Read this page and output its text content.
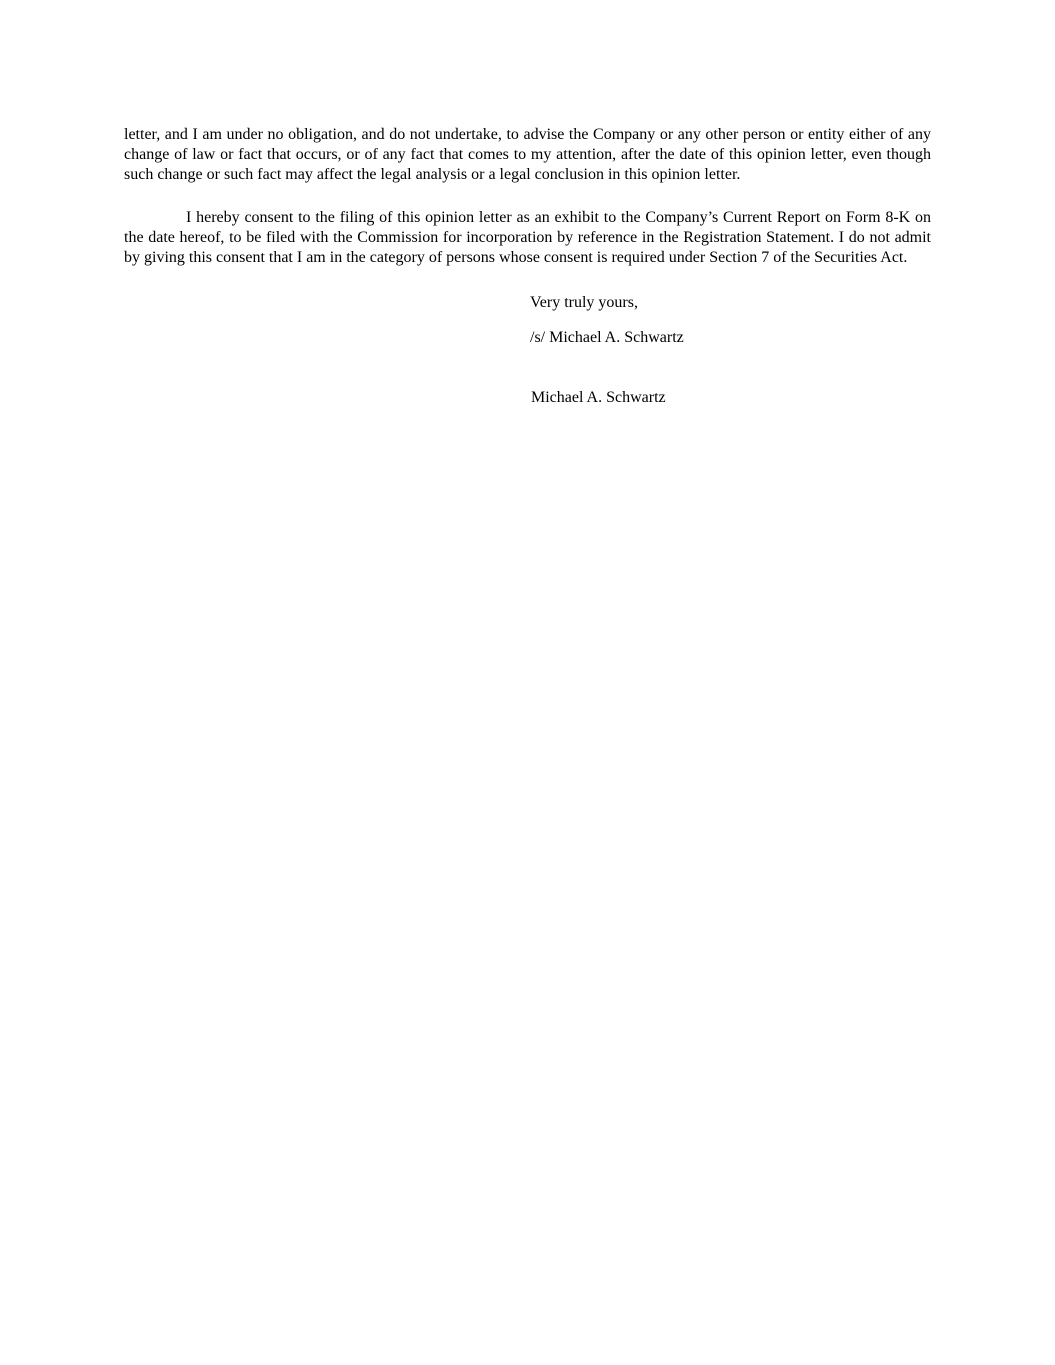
letter, and I am under no obligation, and do not undertake, to advise the Company or any other person or entity either of any change of law or fact that occurs, or of any fact that comes to my attention, after the date of this opinion letter, even though such change or such fact may affect the legal analysis or a legal conclusion in this opinion letter.

I hereby consent to the filing of this opinion letter as an exhibit to the Company’s Current Report on Form 8-K on the date hereof, to be filed with the Commission for incorporation by reference in the Registration Statement. I do not admit by giving this consent that I am in the category of persons whose consent is required under Section 7 of the Securities Act.

Very truly yours,
/s/ Michael A. Schwartz
Michael A. Schwartz
